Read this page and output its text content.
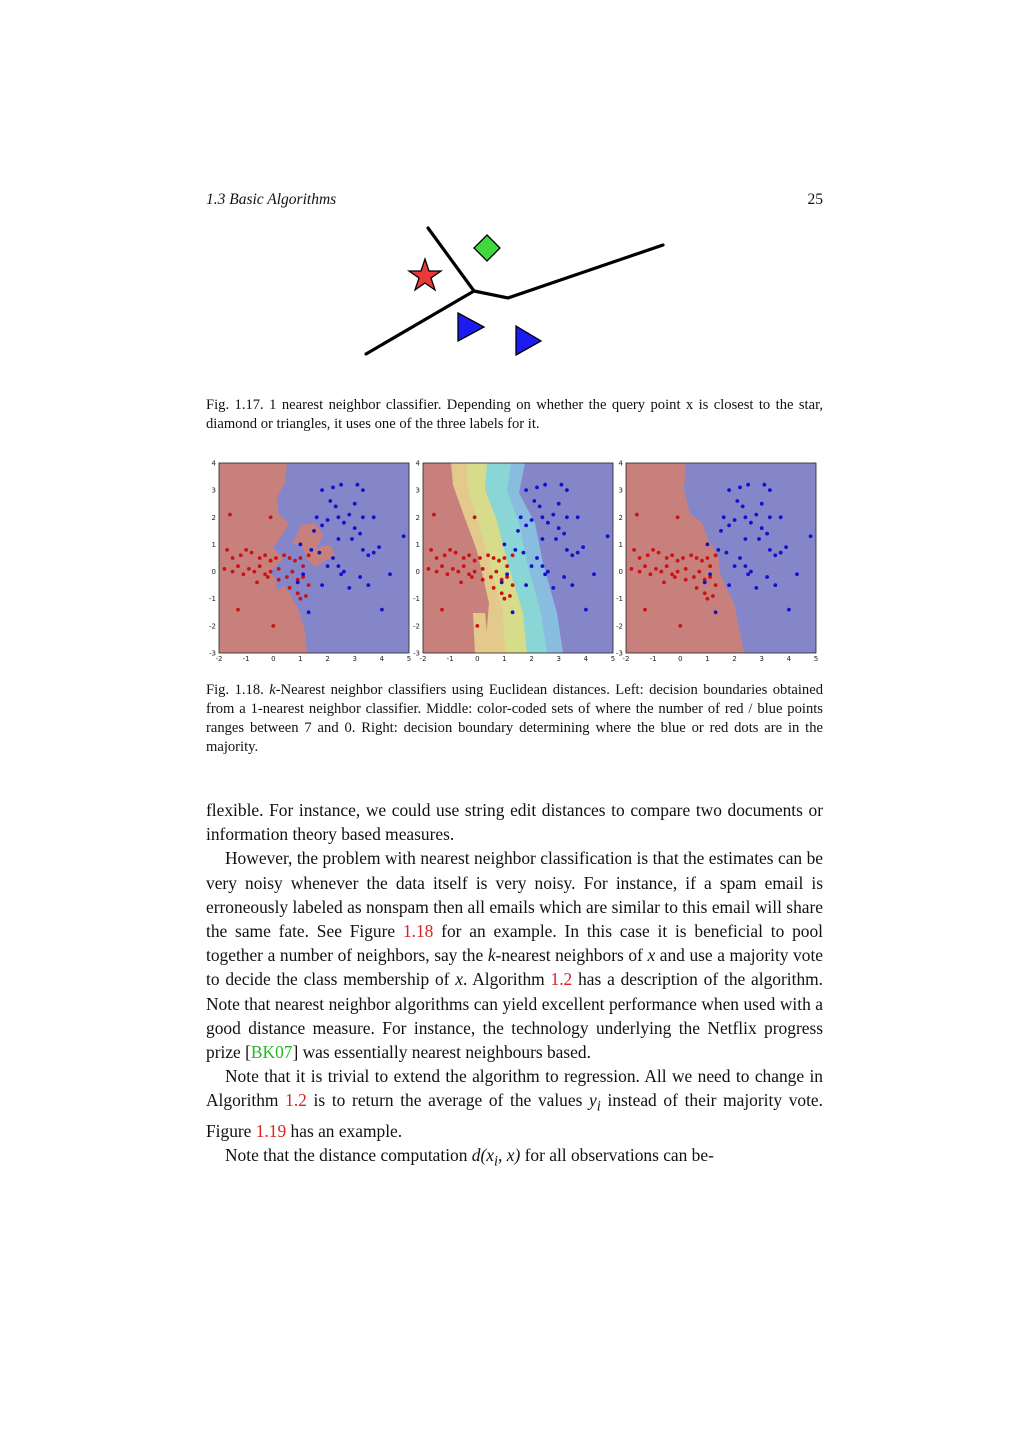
1.3 Basic Algorithms	25

Fig. 1.17. 1 nearest neighbor classifier. Depending on whether the query point x is closest to the star, diamond or triangles, it uses one of the three labels for it.

-2	-1	0	1	2	3	4	5
4
3
2
1
0
-1
-2
-3
-2	-1	0	1	2	3	4	5
4
3
2
1
0
-1
-2
-3
-2	-1	0	1	2	3	4	5
4
3
2
1
0
-1
-2
-3

Fig. 1.18. k-Nearest neighbor classifiers using Euclidean distances. Left: decision boundaries obtained from a 1-nearest neighbor classifier. Middle: color-coded sets of where the number of red / blue points ranges between 7 and 0. Right: decision boundary determining where the blue or red dots are in the majority.

flexible. For instance, we could use string edit distances to compare two documents or information theory based measures.

However, the problem with nearest neighbor classification is that the estimates can be very noisy whenever the data itself is very noisy. For instance, if a spam email is erroneously labeled as nonspam then all emails which are similar to this email will share the same fate. See Figure 1.18 for an example. In this case it is beneficial to pool together a number of neighbors, say the k-nearest neighbors of x and use a majority vote to decide the class membership of x. Algorithm 1.2 has a description of the algorithm. Note that nearest neighbor algorithms can yield excellent performance when used with a good distance measure. For instance, the technology underlying the Netflix progress prize [BK07] was essentially nearest neighbours based.

Note that it is trivial to extend the algorithm to regression. All we need to change in Algorithm 1.2 is to return the average of the values $y_i$ instead of their majority vote. Figure 1.19 has an example.

Note that the distance computation $d(x_i$, x) for all observations can be-
